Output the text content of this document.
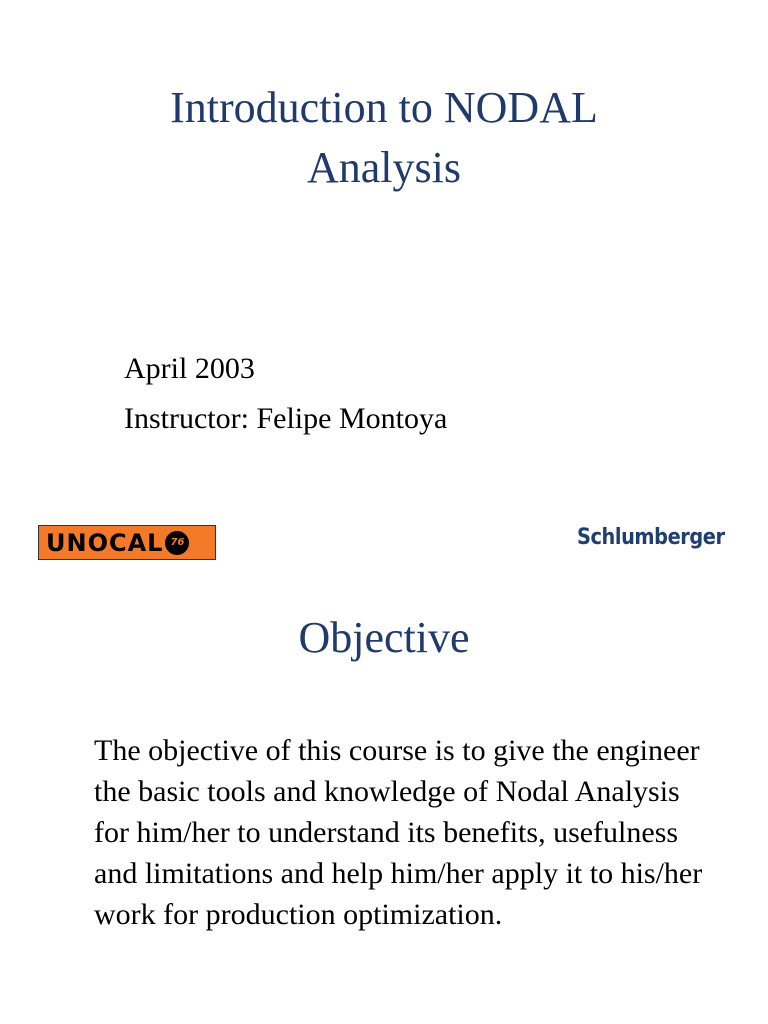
Introduction to NODAL
Analysis

April 2003

Instructor: Felipe Montoya

UNOCAL 76	Schlumberger
Objective

The objective of this course is to give the engineer the basic tools and knowledge of Nodal Analysis for him/her to understand its benefits, usefulness and limitations and help him/her apply it to his/her work for production optimization.
